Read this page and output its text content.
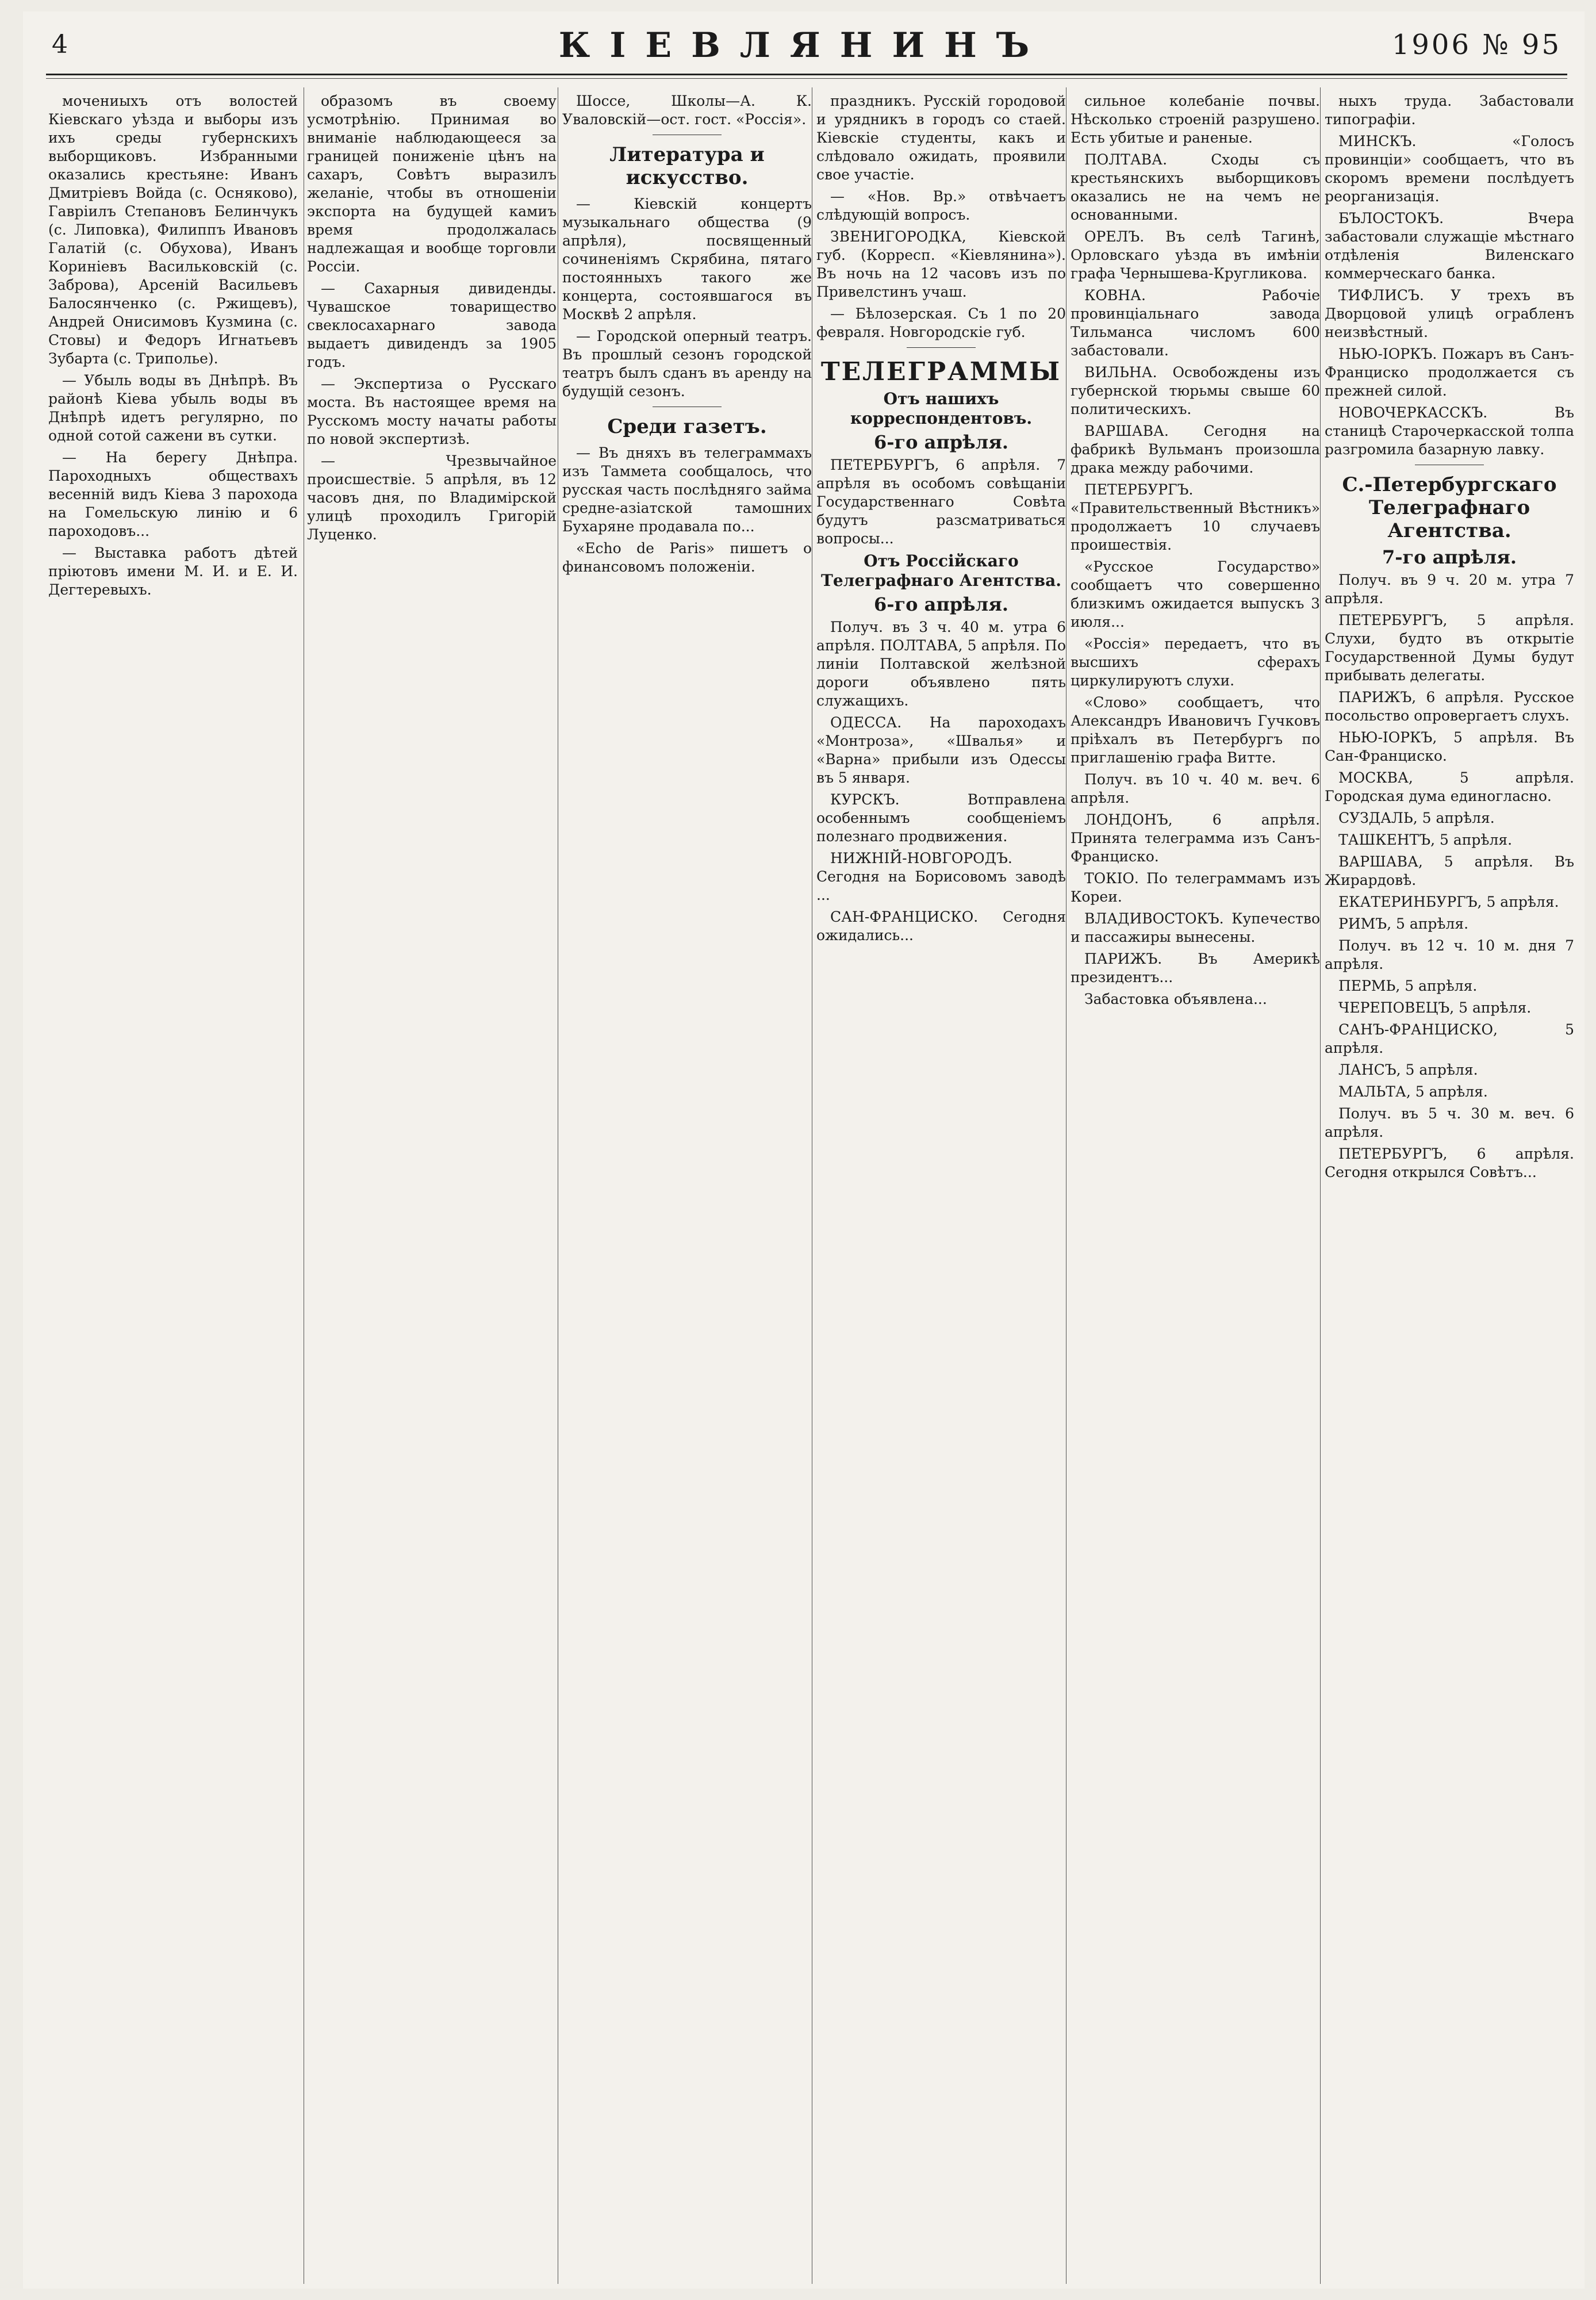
4	КІЕВЛЯНИНЪ	1906 № 95

мочениыхъ отъ волостей Кіевскаго уѣзда и выборы изъ ихъ среды губернскихъ выборщиковъ. Избранными оказались крестьяне: Иванъ Дмитріевъ Войда (с. Осняково), Гавріилъ Степановъ Белинчукъ (с. Липовка), Филиппъ Ивановъ Галатій (с. Обухова), Иванъ Кориніевъ Васильковскій (с. Заброва), Арсеній Васильевъ Балосянченко (с. Ржищевъ), Андрей Онисимовъ Кузмина (с. Стовы) и Федоръ Игнатьевъ Зубарта (с. Триполье).

— Убыль воды въ Днѣпрѣ. Въ районѣ Кіева убыль воды въ Днѣпрѣ идетъ регулярно, по одной сотой сажени въ сутки.

— На берегу Днѣпра. Пароходныхъ обществахъ весенній видъ Кіева 3 парохода на Гомельскую линію и 6 пароходовъ...

— Выставка работъ дѣтей пріютовъ имени М. И. и Е. И. Дегтеревыхъ.

образомъ въ своему усмотрѣнію. Принимая во вниманіе наблюдающееся за границей пониженіе цѣнъ на сахаръ, Совѣтъ выразилъ желаніе, чтобы въ отношеніи экспорта на будущей камиъ время продолжалась надлежащая и вообще торговли Россіи.

— Сахарныя дивиденды. Чувашское товарищество свеклосахарнаго завода выдаетъ дивидендъ за 1905 годъ.

— Экспертиза о Русскаго моста. Въ настоящее время на Русскомъ мосту начаты работы по новой экспертизѣ.

— Чрезвычайное происшествіе. 5 апрѣля, въ 12 часовъ дня, по Владимірской улицѣ проходилъ Григорій Луценко.

Шоссе, Школы—А. К. Уваловскій—ост. гост. «Россія».

Литература и искусство.

— Кіевскій концертъ музыкальнаго общества (9 апрѣля), посвященный сочиненіямъ Скрябина, пятаго постоянныхъ такого же концерта, состоявшагося въ Москвѣ 2 апрѣля.

— Городской оперный театръ. Въ прошлый сезонъ городской театръ былъ сданъ въ аренду на будущій сезонъ.

Среди газетъ.

— Въ дняхъ въ телеграммахъ изъ Таммета сообщалось, что русская часть послѣдняго займа средне-азіатской тамошних Бухаряне продавала по...

«Echo de Paris» пишетъ о финансовомъ положеніи.

праздникъ. Русскій городовой и урядникъ в городъ со стаей. Кіевскіе студенты, какъ и слѣдовало ожидать, проявили свое участіе.

— «Нов. Вр.» отвѣчаетъ слѣдующій вопросъ.

ЗВЕНИГОРОДКА, Кіевской губ. (Корресп. «Кіевлянина»). Въ ночь на 12 часовъ изъ по Привелстинъ учаш.

— Бѣлозерская. Съ 1 по 20 февраля. Новгородскіе губ.

ТЕЛЕГРАММЫ
Отъ нашихъ корреспондентовъ.
6-го апрѣля.

ПЕТЕРБУРГЪ, 6 апрѣля. 7 апрѣля въ особомъ совѣщаніи Государственнаго Совѣта будутъ разсматриваться вопросы...

Отъ Россійскаго Телеграфнаго Агентства.
6-го апрѣля.

Получ. въ 3 ч. 40 м. утра 6 апрѣля. ПОЛТАВА, 5 апрѣля. По линіи Полтавской желѣзной дороги объявлено пять служащихъ.

ОДЕССА. На пароходахъ «Монтроза», «Швалья» и «Варна» прибыли изъ Одессы въ 5 января.

КУРСКЪ. Вотправлена особеннымъ сообщеніемъ полезнаго продвижения.

НИЖНІЙ-НОВГОРОДЪ. Сегодня на Борисовомъ заводѣ ...

САН-ФРАНЦИСКО. Сегодня ожидались...

сильное колебаніе почвы. Нѣсколько строеній разрушено. Есть убитые и раненые.

ПОЛТАВА. Сходы съ крестьянскихъ выборщиковъ оказались не на чемъ не основанными.

ОРЕЛЪ. Въ селѣ Тагинѣ, Орловскаго уѣзда въ имѣніи графа Чернышева-Кругликова.

КОВНА. Рабочіе провинціальнаго завода Тильманса числомъ 600 забастовали.

ВИЛЬНА. Освобождены изъ губернской тюрьмы свыше 60 политическихъ.

ВАРШАВА. Сегодня на фабрикѣ Вульманъ произошла драка между рабочими.

ПЕТЕРБУРГЪ. «Правительственный Вѣстникъ» продолжаетъ 10 случаевъ проишествія.

«Русское Государство» сообщаетъ что совершенно близкимъ ожидается выпускъ 3 июля...

«Россія» передаетъ, что въ высшихъ сферахъ циркулируютъ слухи.

«Слово» сообщаетъ, что Александръ Ивановичъ Гучковъ пріѣхалъ въ Петербургъ по приглашенію графа Витте.

Получ. въ 10 ч. 40 м. веч. 6 апрѣля.

ЛОНДОНЪ, 6 апрѣля. Принята телеграмма изъ Санъ-Франциско.

ТОКІО. По телеграммамъ изъ Кореи.

ВЛАДИВОСТОКЪ. Купечество и пассажиры вынесены.

ПАРИЖЪ. Въ Америкѣ президентъ...

Забастовка объявлена...

ныхъ труда. Забастовали типографіи.

МИНСКЪ. «Голосъ провинціи» сообщаетъ, что въ скоромъ времени послѣдуетъ реорганизація.

БЪЛОСТОКЪ. Вчера забастовали служащіе мѣстнаго отдѣленія Виленскаго коммерческаго банка.

ТИФЛИСЪ. У трехъ въ Дворцовой улицѣ ограбленъ неизвѣстный.

НЬЮ-ІОРКЪ. Пожаръ въ Санъ-Франциско продолжается съ прежней силой.

НОВОЧЕРКАССКЪ. Въ станицѣ Старочеркасской толпа разгромила базарную лавку.

С.-Петербургскаго Телеграфнаго Агентства.
7-го апрѣля.

Получ. въ 9 ч. 20 м. утра 7 апрѣля.

ПЕТЕРБУРГЪ, 5 апрѣля. Слухи, будто въ открытіе Государственной Думы будут прибывать делегаты.

ПАРИЖЪ, 6 апрѣля. Русское посольство опровергаетъ слухъ.

НЬЮ-ІОРКЪ, 5 апрѣля. Въ Сан-Франциско.

МОСКВА, 5 апрѣля. Городская дума единогласно.

СУЗДАЛЬ, 5 апрѣля.

ТАШКЕНТЪ, 5 апрѣля.

ВАРШАВА, 5 апрѣля. Въ Жирардовѣ.

ЕКАТЕРИНБУРГЪ, 5 апрѣля.

РИМЪ, 5 апрѣля.

Получ. въ 12 ч. 10 м. дня 7 апрѣля.

ПЕРМЬ, 5 апрѣля.

ЧЕРЕПОВЕЦЪ, 5 апрѣля.

САНЪ-ФРАНЦИСКО, 5 апрѣля.

ЛАНСЪ, 5 апрѣля.

МАЛЬТА, 5 апрѣля.

Получ. въ 5 ч. 30 м. веч. 6 апрѣля.

ПЕТЕРБУРГЪ, 6 апрѣля. Сегодня открылся Совѣтъ...
